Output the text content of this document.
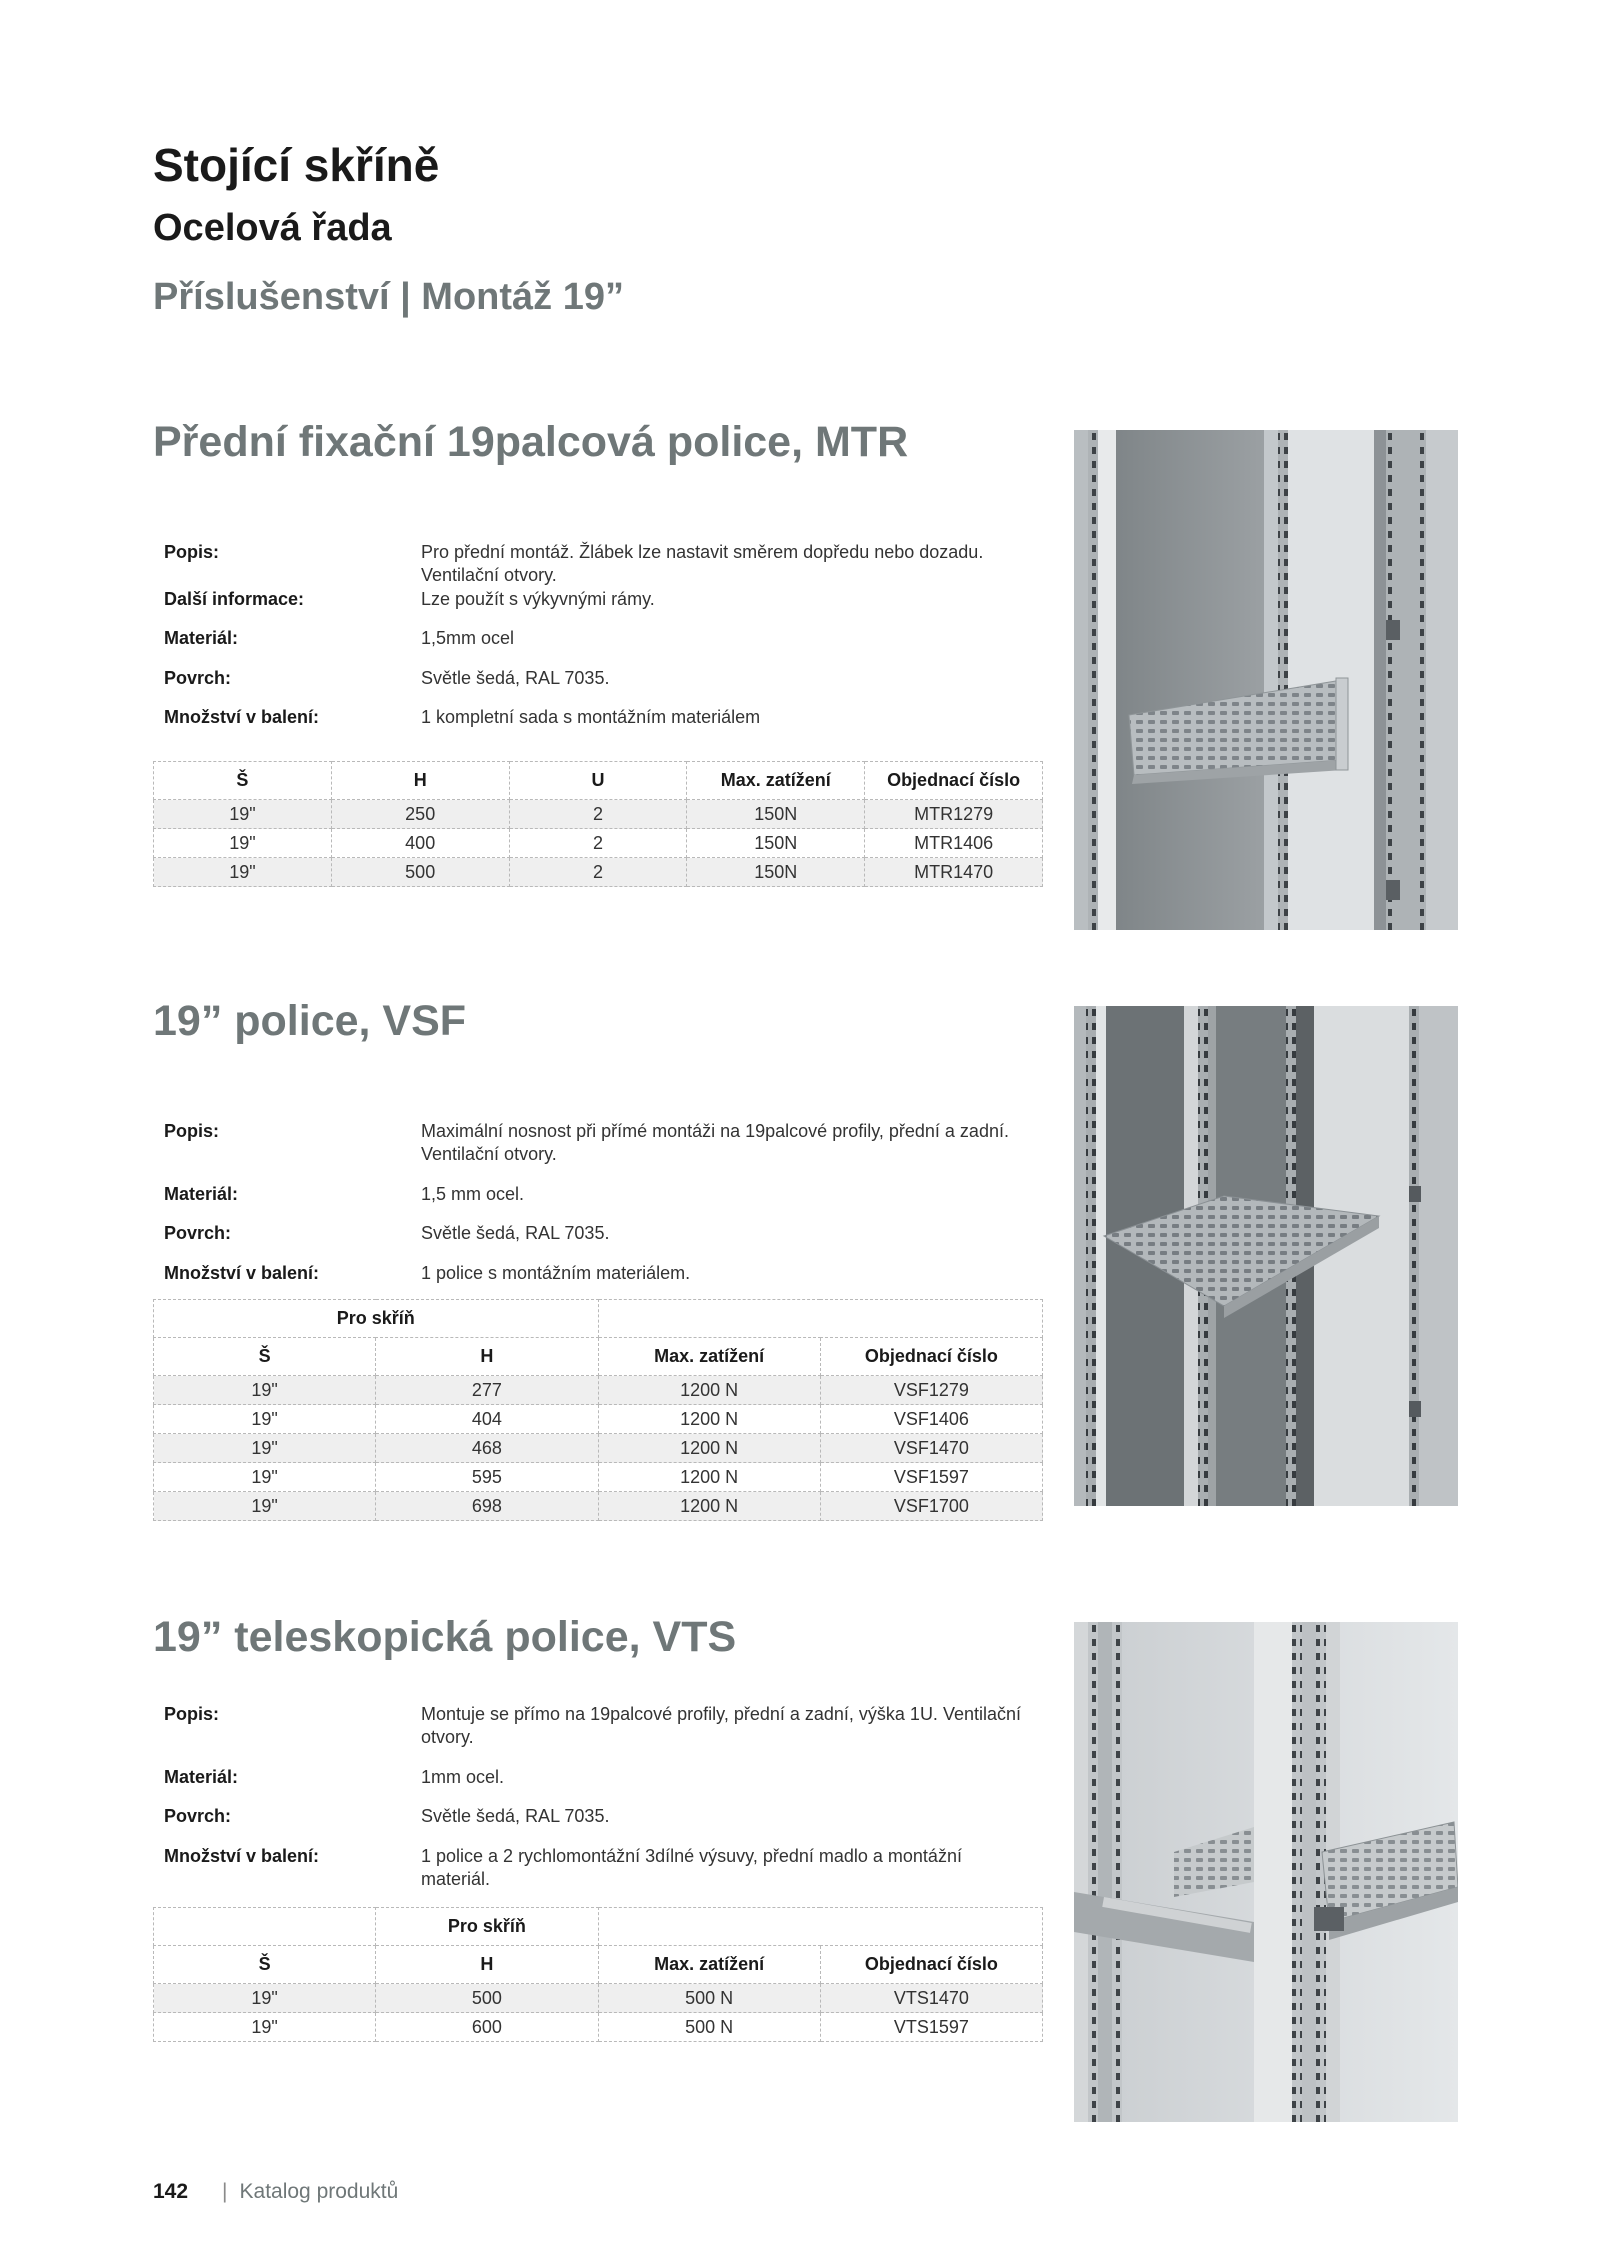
Stojící skříně
Ocelová řada
Příslušenství | Montáž 19”
Přední fixační 19palcová police, MTR
Popis:	Pro přední montáž. Žlábek lze nastavit směrem dopředu nebo dozadu. Ventilační otvory.
Další informace:	Lze použít s výkyvnými rámy.
Materiál:	1,5mm ocel
Povrch:	Světle šedá, RAL 7035.
Množství v balení:	1 kompletní sada s montážním materiálem
Š	H	U	Max. zatížení	Objednací číslo
19"	250	2	150N	MTR1279
19"	400	2	150N	MTR1406
19"	500	2	150N	MTR1470
19” police, VSF
Popis:	Maximální nosnost při přímé montáži na 19palcové profily, přední a zadní. Ventilační otvory.
Materiál:	1,5 mm ocel.
Povrch:	Světle šedá, RAL 7035.
Množství v balení:	1 police s montážním materiálem.
Pro skříň			
Š	H	Max. zatížení	Objednací číslo
19"	277	1200 N	VSF1279
19"	404	1200 N	VSF1406
19"	468	1200 N	VSF1470
19"	595	1200 N	VSF1597
19"	698	1200 N	VSF1700
19” teleskopická police, VTS
Popis:	Montuje se přímo na 19palcové profily, přední a zadní, výška 1U. Ventilační otvory.
Materiál:	1mm ocel.
Povrch:	Světle šedá, RAL 7035.
Množství v balení:	1 police a 2 rychlomontážní 3dílné výsuvy, přední madlo a montážní materiál.
	Pro skříň		
Š	H	Max. zatížení	Objednací číslo
19"	500	500 N	VTS1470
19"	600	500 N	VTS1597
142 | Katalog produktů
